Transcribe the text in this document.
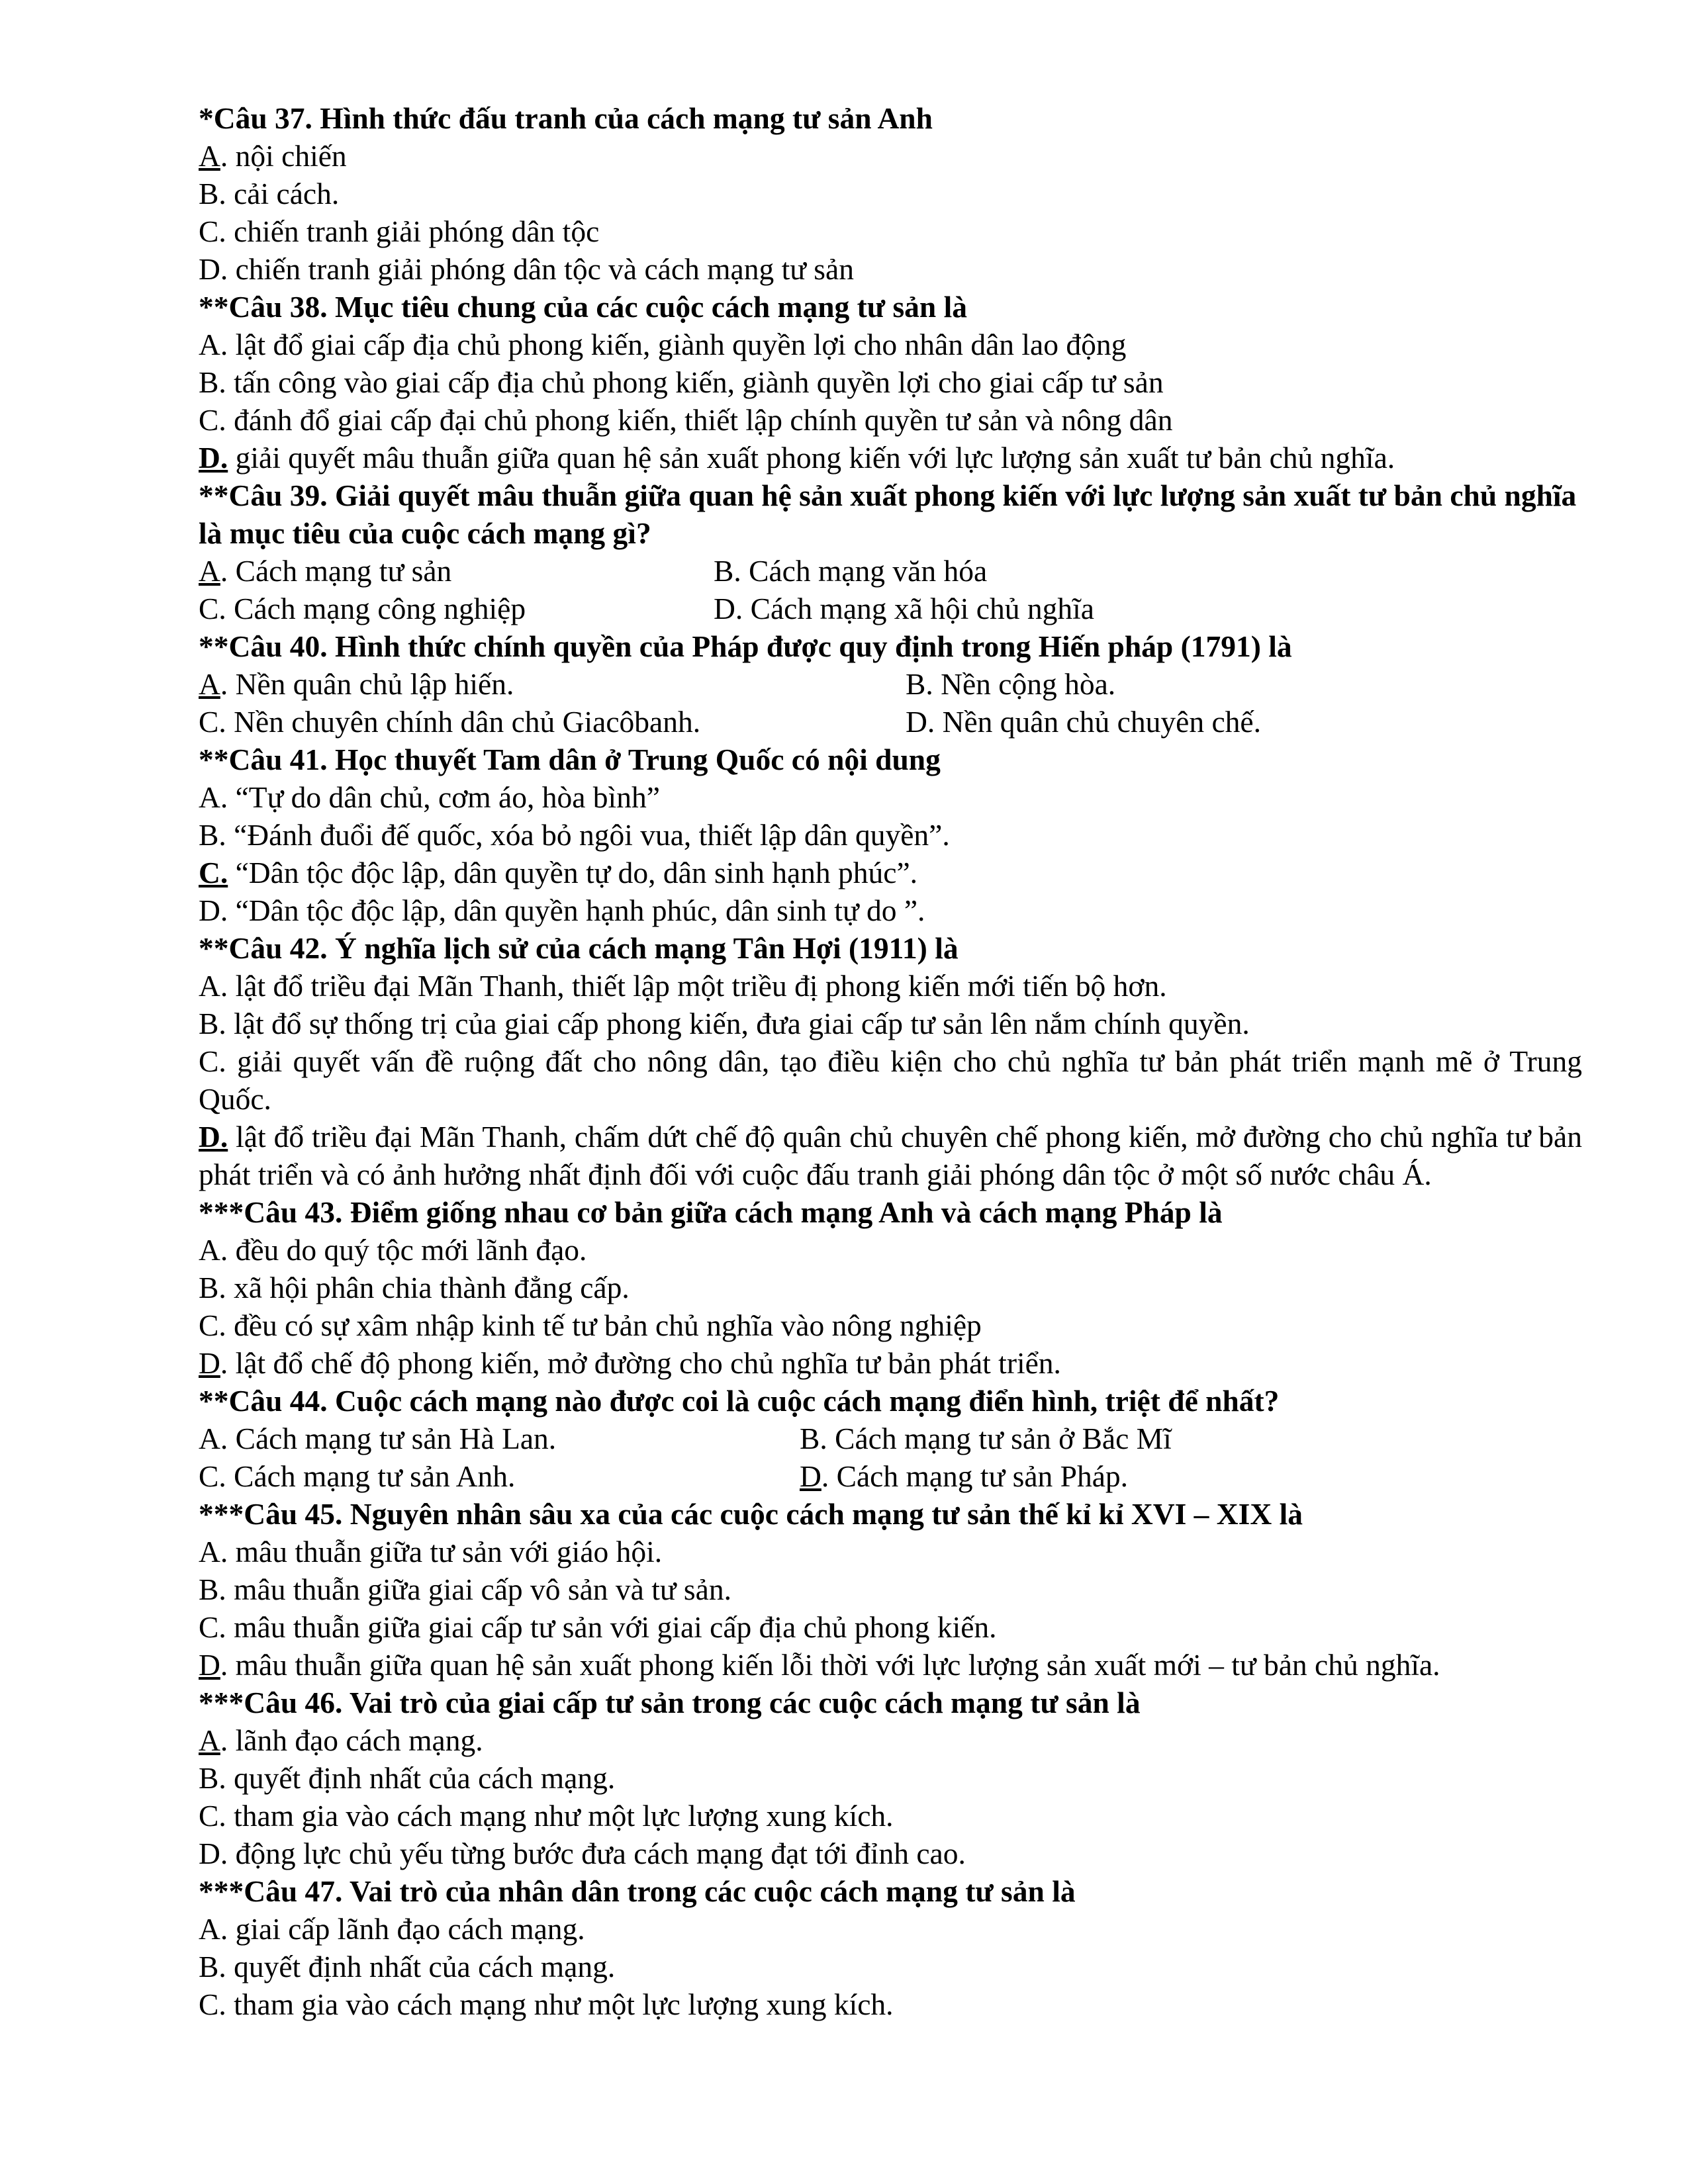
*Câu 37. Hình thức đấu tranh của cách mạng tư sản Anh
A. nội chiến
B. cải cách.
C. chiến tranh giải phóng dân tộc
D. chiến tranh giải phóng dân tộc và cách mạng tư sản
**Câu 38. Mục tiêu chung của các cuộc cách mạng tư sản là
A. lật đổ giai cấp địa chủ phong kiến, giành quyền lợi cho nhân dân lao động
B. tấn công vào giai cấp địa chủ phong kiến, giành quyền lợi cho giai cấp tư sản
C. đánh đổ giai cấp đại chủ phong kiến, thiết lập chính quyền tư sản và nông dân
D. giải quyết mâu thuẫn giữa quan hệ sản xuất phong kiến với lực lượng sản xuất tư bản chủ nghĩa.
**Câu 39. Giải quyết mâu thuẫn giữa quan hệ sản xuất phong kiến với lực lượng sản xuất tư bản chủ nghĩa là mục tiêu của cuộc cách mạng gì?
A. Cách mạng tư sản	B. Cách mạng văn hóa
C. Cách mạng công nghiệp	D. Cách mạng xã hội chủ nghĩa
**Câu 40. Hình thức chính quyền của Pháp được quy định trong Hiến pháp (1791) là
A. Nền quân chủ lập hiến.	B. Nền cộng hòa.
C. Nền chuyên chính dân chủ Giacôbanh.	D. Nền quân chủ chuyên chế.
**Câu 41. Học thuyết Tam dân ở Trung Quốc có nội dung
A. “Tự do dân chủ, cơm áo, hòa bình”
B. “Đánh đuổi đế quốc, xóa bỏ ngôi vua, thiết lập dân quyền”.
C. “Dân tộc độc lập, dân quyền tự do, dân sinh hạnh phúc”.
D. “Dân tộc độc lập, dân quyền hạnh phúc, dân sinh tự do ”.
**Câu 42. Ý nghĩa lịch sử của cách mạng Tân Hợi (1911) là
A. lật đổ triều đại Mãn Thanh, thiết lập một triều đị phong kiến mới tiến bộ hơn.
B. lật đổ sự thống trị của giai cấp phong kiến, đưa giai cấp tư sản lên nắm chính quyền.
C. giải quyết vấn đề ruộng đất cho nông dân, tạo điều kiện cho chủ nghĩa tư bản phát triển mạnh mẽ ở Trung Quốc.
D. lật đổ triều đại Mãn Thanh, chấm dứt chế độ quân chủ chuyên chế phong kiến, mở đường cho chủ nghĩa tư bản phát triển và có ảnh hưởng nhất định đối với cuộc đấu tranh giải phóng dân tộc ở một số nước châu Á.
***Câu 43. Điểm giống nhau cơ bản giữa cách mạng Anh và cách mạng Pháp là
A. đều do quý tộc mới lãnh đạo.
B. xã hội phân chia thành đẳng cấp.
C. đều có sự xâm nhập kinh tế tư bản chủ nghĩa vào nông nghiệp
D. lật đổ chế độ phong kiến, mở đường cho chủ nghĩa tư bản phát triển.
**Câu 44. Cuộc cách mạng nào được coi là cuộc cách mạng điển hình, triệt để nhất?
A. Cách mạng tư sản Hà Lan.	B. Cách mạng tư sản ở Bắc Mĩ
C. Cách mạng tư sản Anh.	D. Cách mạng tư sản Pháp.
***Câu 45. Nguyên nhân sâu xa của các cuộc cách mạng tư sản thế kỉ kỉ XVI – XIX là
A. mâu thuẫn giữa tư sản với giáo hội.
B. mâu thuẫn giữa giai cấp vô sản và tư sản.
C. mâu thuẫn giữa giai cấp tư sản với giai cấp địa chủ phong kiến.
D. mâu thuẫn giữa quan hệ sản xuất phong kiến lỗi thời với lực lượng sản xuất mới – tư bản chủ nghĩa.
***Câu 46. Vai trò của giai cấp tư sản trong các cuộc cách mạng tư sản là
A. lãnh đạo cách mạng.
B. quyết định nhất của cách mạng.
C. tham gia vào cách mạng như một lực lượng xung kích.
D. động lực chủ yếu từng bước đưa cách mạng đạt tới đỉnh cao.
***Câu 47. Vai trò của nhân dân trong các cuộc cách mạng tư sản là
A. giai cấp lãnh đạo cách mạng.
B. quyết định nhất của cách mạng.
C. tham gia vào cách mạng như một lực lượng xung kích.
